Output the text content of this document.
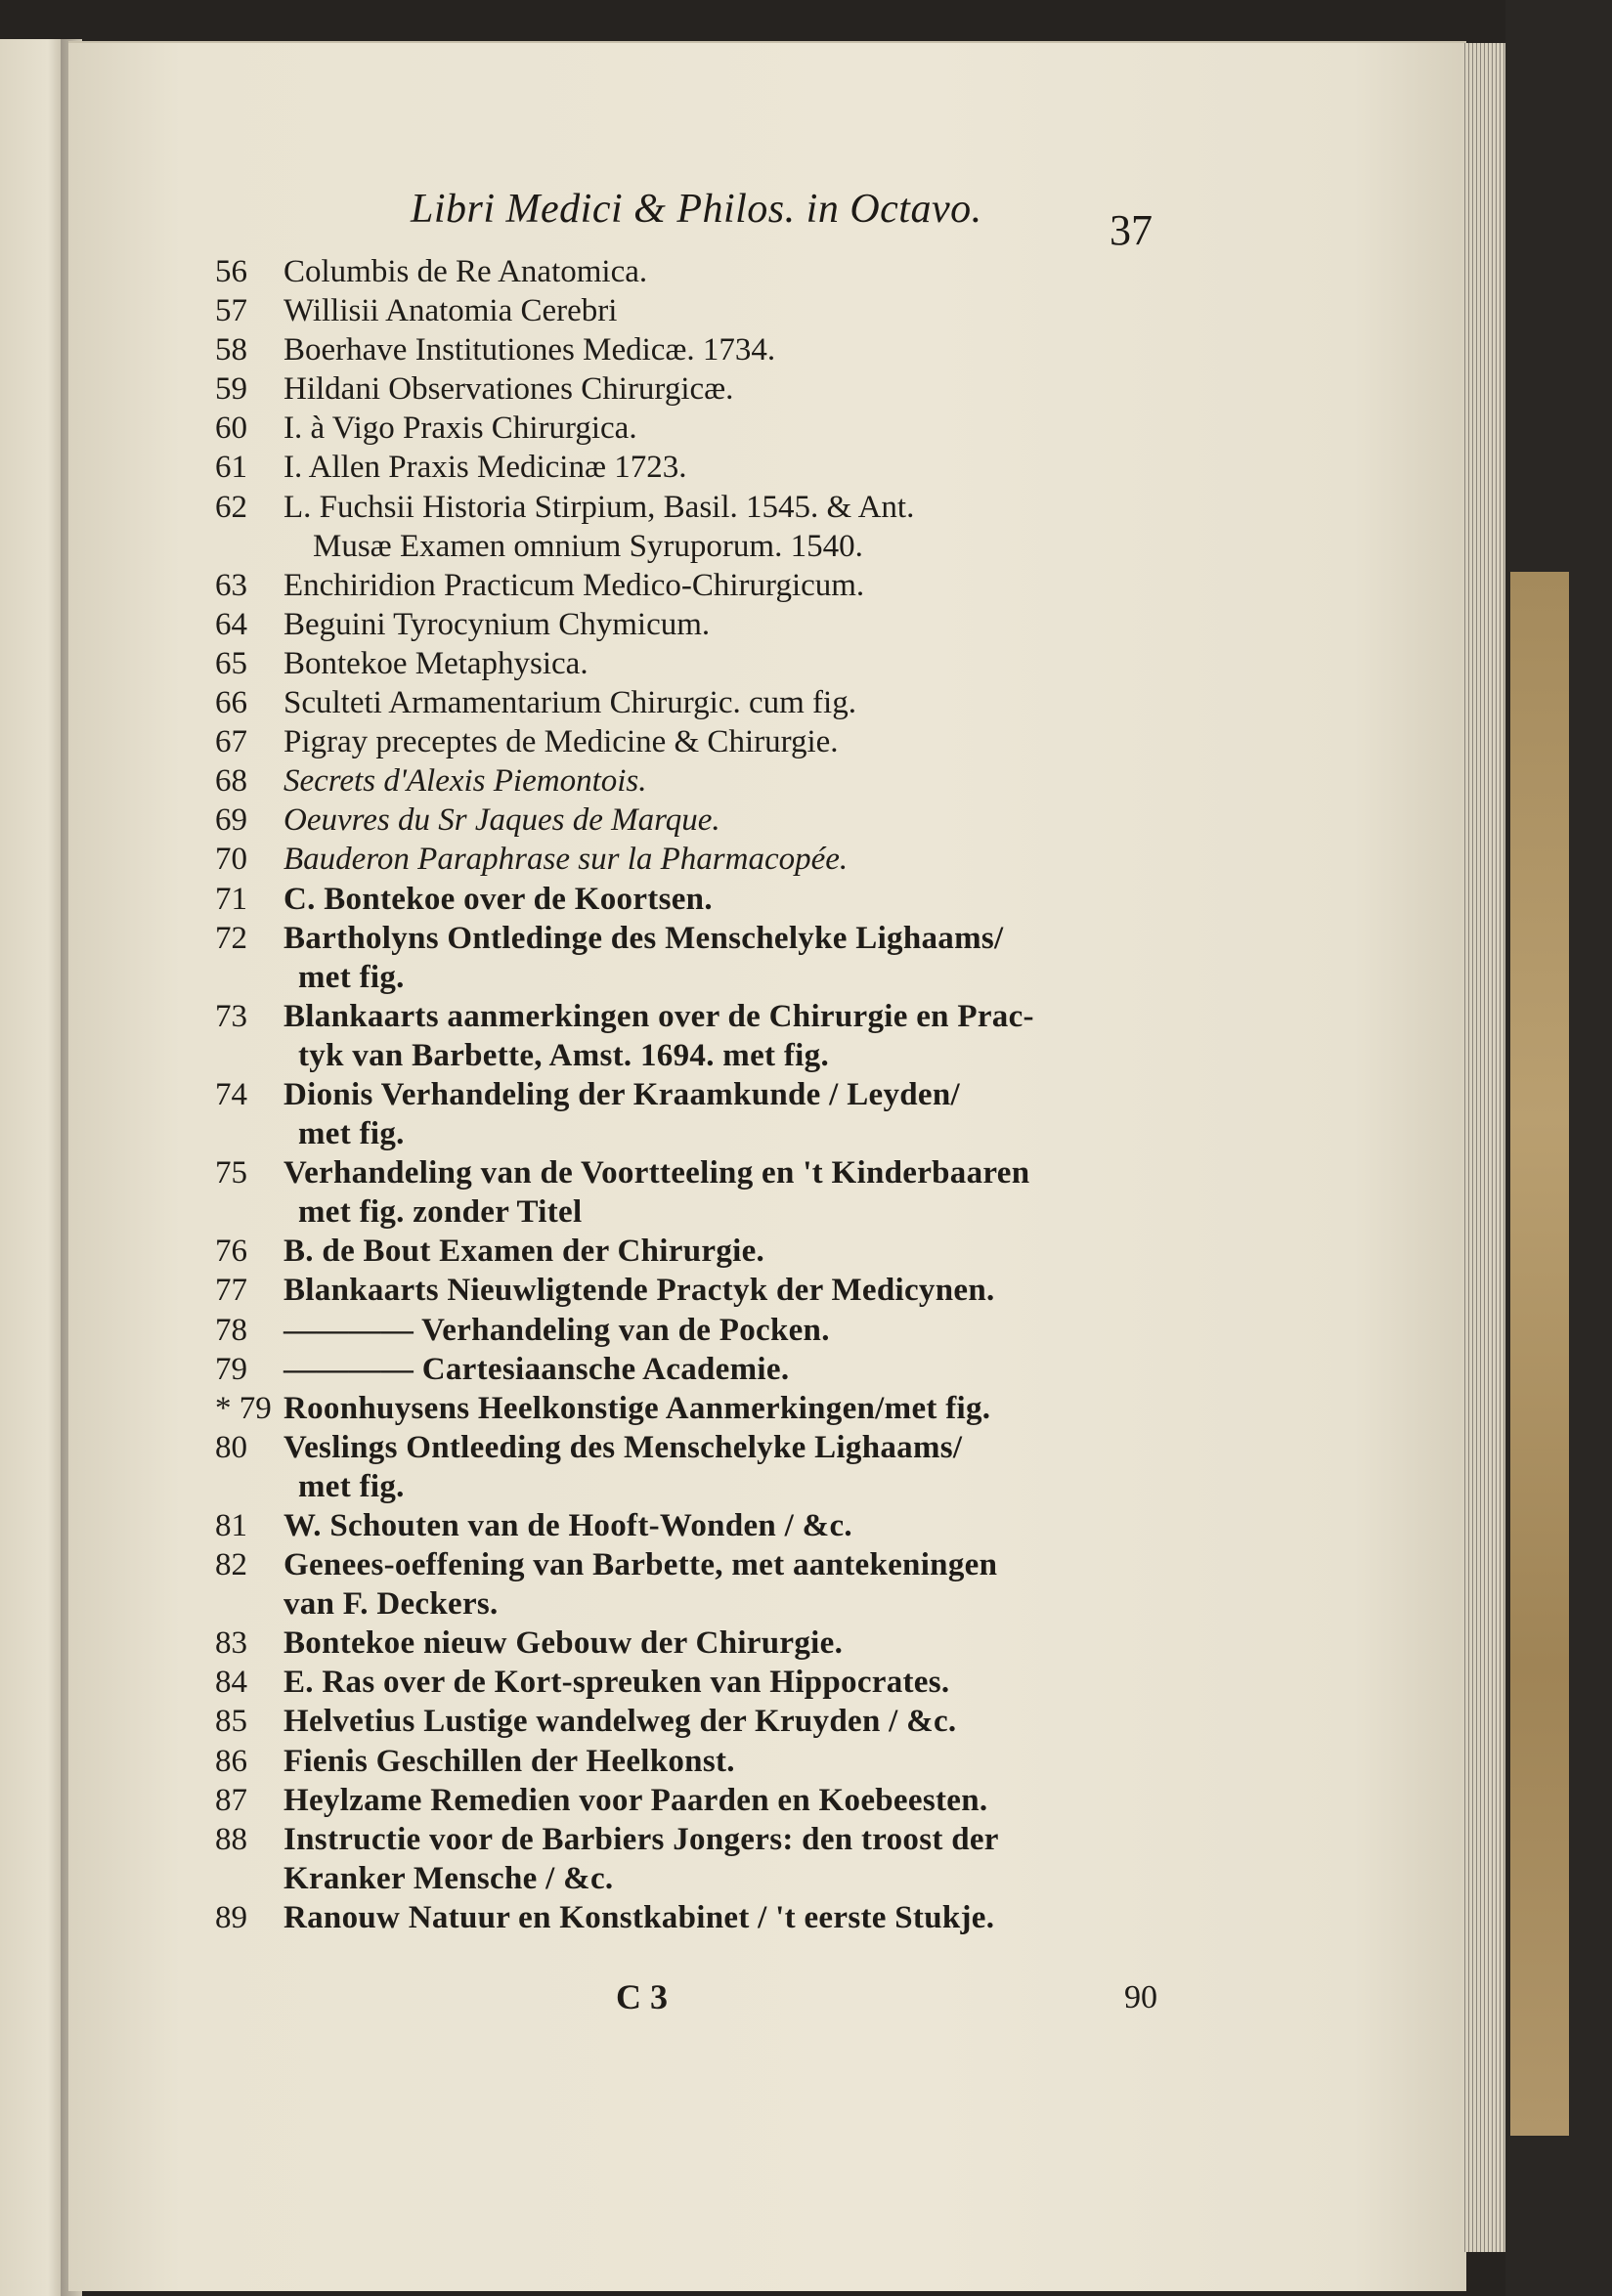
Libri Medici & Philos. in Octavo.	37
56	Columbis de Re Anatomica.
57	Willisii Anatomia Cerebri
58	Boerhave Institutiones Medicæ. 1734.
59	Hildani Observationes Chirurgicæ.
60	I. à Vigo Praxis Chirurgica.
61	I. Allen Praxis Medicinæ 1723.
62	L. Fuchsii Historia Stirpium, Basil. 1545. & Ant.
Musæ Examen omnium Syruporum. 1540.
63	Enchiridion Practicum Medico-Chirurgicum.
64	Beguini Tyrocynium Chymicum.
65	Bontekoe Metaphysica.
66	Sculteti Armamentarium Chirurgic. cum fig.
67	Pigray preceptes de Medicine & Chirurgie.
68	Secrets d'Alexis Piemontois.
69	Oeuvres du Sr Jaques de Marque.
70	Bauderon Paraphrase sur la Pharmacopée.
71	C. Bontekoe over de Koortsen.
72	Bartholyns Ontledinge des Menschelyke Lighaams/
met fig.
73	Blankaarts aanmerkingen over de Chirurgie en Prac-
tyk van Barbette, Amst. 1694. met fig.
74	Dionis Verhandeling der Kraamkunde / Leyden/
met fig.
75	Verhandeling van de Voortteeling en 't Kinderbaaren
met fig. zonder Titel
76	B. de Bout Examen der Chirurgie.
77	Blankaarts Nieuwligtende Practyk der Medicynen.
78	———— Verhandeling van de Pocken.
79	———— Cartesiaansche Academie.
* 79 Roonhuysens Heelkonstige Aanmerkingen/met fig.
80	Veslings Ontleeding des Menschelyke Lighaams/
met fig.
81	W. Schouten van de Hooft-Wonden / &c.
82	Genees-oeffening van Barbette, met aantekeningen
van F. Deckers.
83	Bontekoe nieuw Gebouw der Chirurgie.
84	E. Ras over de Kort-spreuken van Hippocrates.
85	Helvetius Lustige wandelweg der Kruyden / &c.
86	Fienis Geschillen der Heelkonst.
87	Heylzame Remedien voor Paarden en Koebeesten.
88	Instructie voor de Barbiers Jongers: den troost der
Kranker Mensche / &c.
89	Ranouw Natuur en Konstkabinet / 't eerste Stukje.
C 3	90
